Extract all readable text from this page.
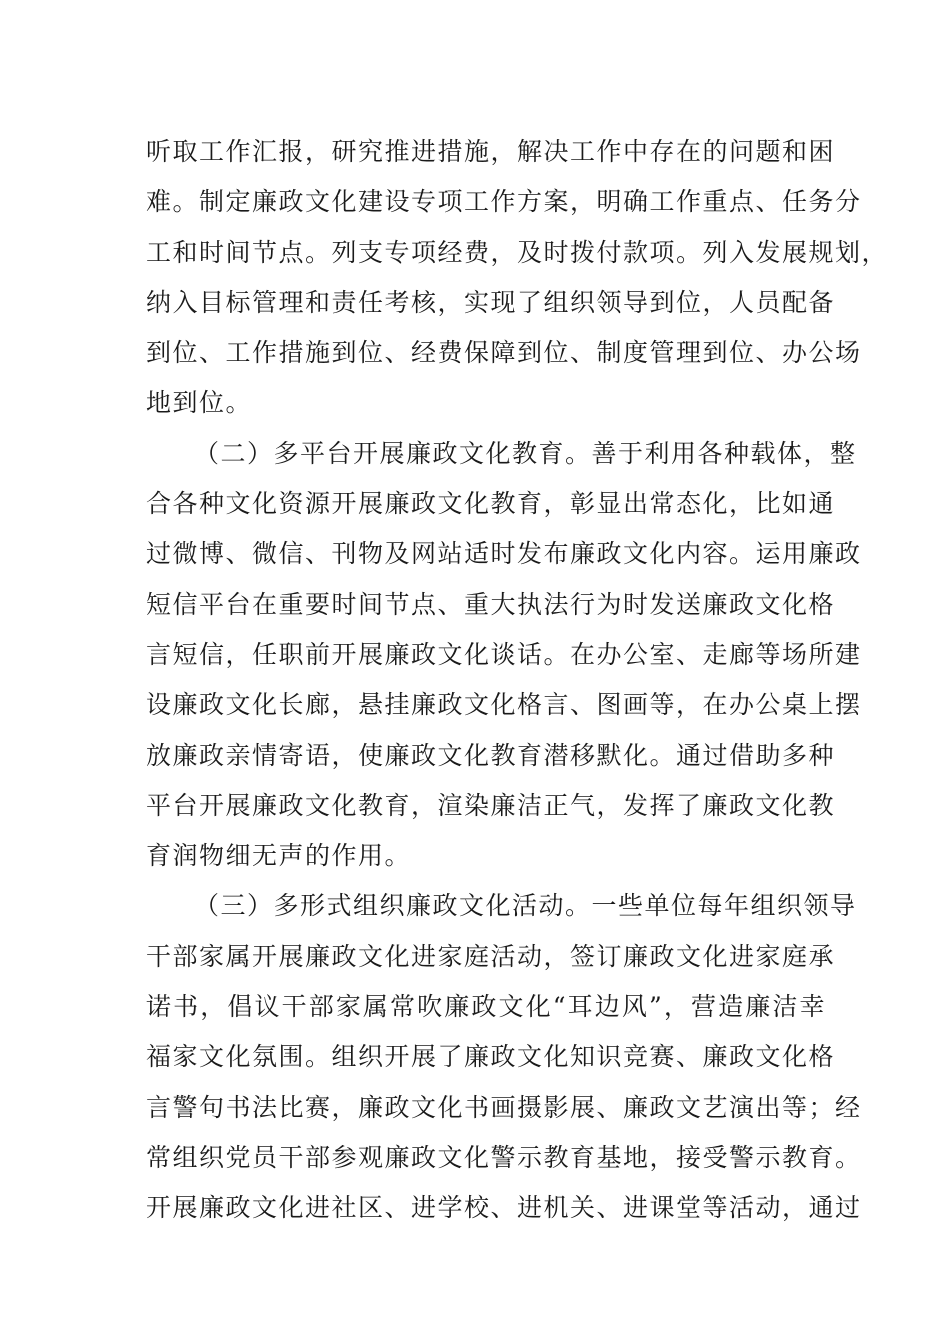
听取工作汇报，研究推进措施，解决工作中存在的问题和困
难。制定廉政文化建设专项工作方案，明确工作重点、任务分
工和时间节点。列支专项经费，及时拨付款项。列入发展规划，
纳入目标管理和责任考核，实现了组织领导到位，人员配备
到位、工作措施到位、经费保障到位、制度管理到位、办公场
地到位。
（二）多平台开展廉政文化教育。善于利用各种载体，整
合各种文化资源开展廉政文化教育，彰显出常态化，比如通
过微博、微信、刊物及网站适时发布廉政文化内容。运用廉政
短信平台在重要时间节点、重大执法行为时发送廉政文化格
言短信，任职前开展廉政文化谈话。在办公室、走廊等场所建
设廉政文化长廊，悬挂廉政文化格言、图画等，在办公桌上摆
放廉政亲情寄语，使廉政文化教育潜移默化。通过借助多种
平台开展廉政文化教育，渲染廉洁正气，发挥了廉政文化教
育润物细无声的作用。
（三）多形式组织廉政文化活动。一些单位每年组织领导
干部家属开展廉政文化进家庭活动，签订廉政文化进家庭承
诺书，倡议干部家属常吹廉政文化“耳边风”，营造廉洁幸
福家文化氛围。组织开展了廉政文化知识竞赛、廉政文化格
言警句书法比赛，廉政文化书画摄影展、廉政文艺演出等；经
常组织党员干部参观廉政文化警示教育基地，接受警示教育。
开展廉政文化进社区、进学校、进机关、进课堂等活动，通过
